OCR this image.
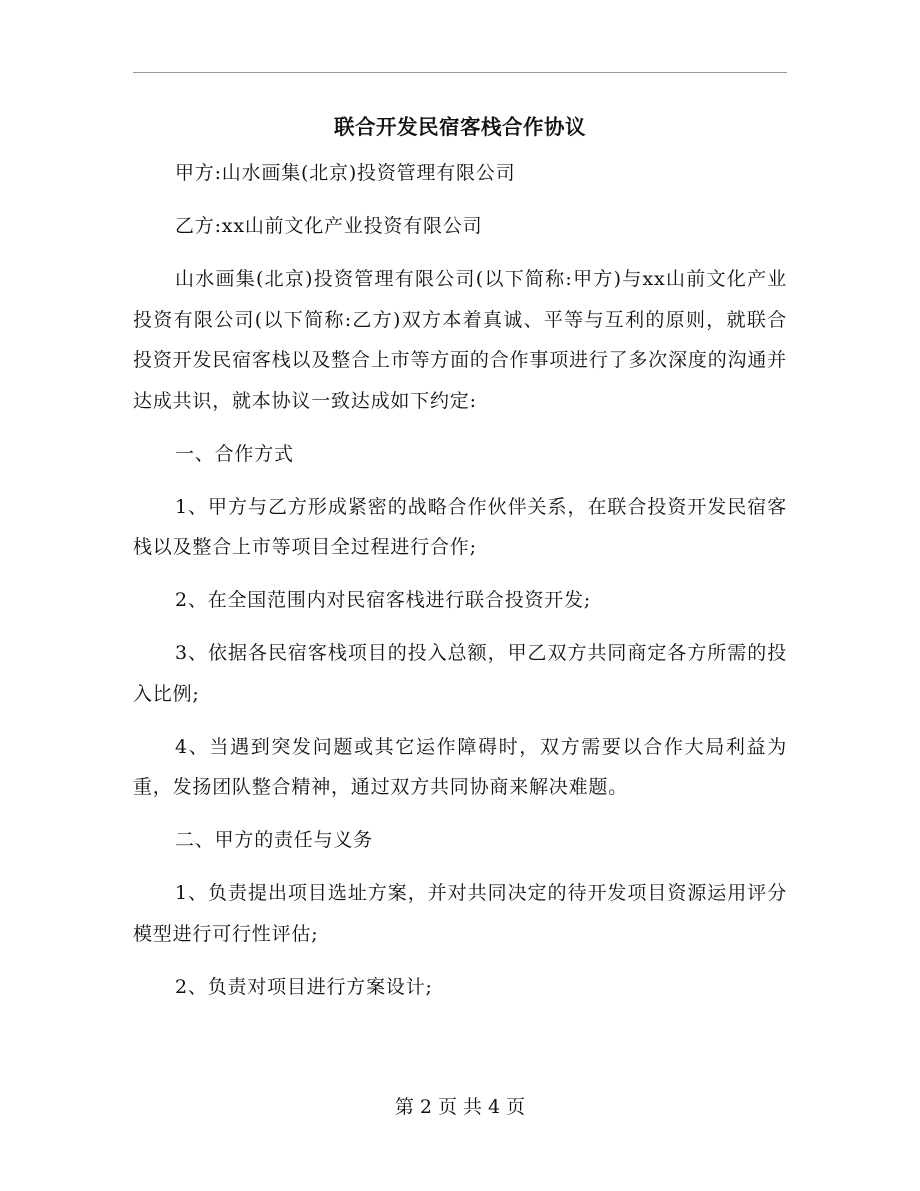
联合开发民宿客栈合作协议

甲方:山水画集(北京)投资管理有限公司

乙方:xx山前文化产业投资有限公司

山水画集(北京)投资管理有限公司(以下简称:甲方)与xx山前文化产业投资有限公司(以下简称:乙方)双方本着真诚、平等与互利的原则，就联合投资开发民宿客栈以及整合上市等方面的合作事项进行了多次深度的沟通并达成共识，就本协议一致达成如下约定:

一、合作方式

1、甲方与乙方形成紧密的战略合作伙伴关系，在联合投资开发民宿客栈以及整合上市等项目全过程进行合作;

2、在全国范围内对民宿客栈进行联合投资开发;

3、依据各民宿客栈项目的投入总额，甲乙双方共同商定各方所需的投入比例;

4、当遇到突发问题或其它运作障碍时，双方需要以合作大局利益为重，发扬团队整合精神，通过双方共同协商来解决难题。

二、甲方的责任与义务

1、负责提出项目选址方案，并对共同决定的待开发项目资源运用评分模型进行可行性评估;

2、负责对项目进行方案设计;

第 2 页 共 4 页
